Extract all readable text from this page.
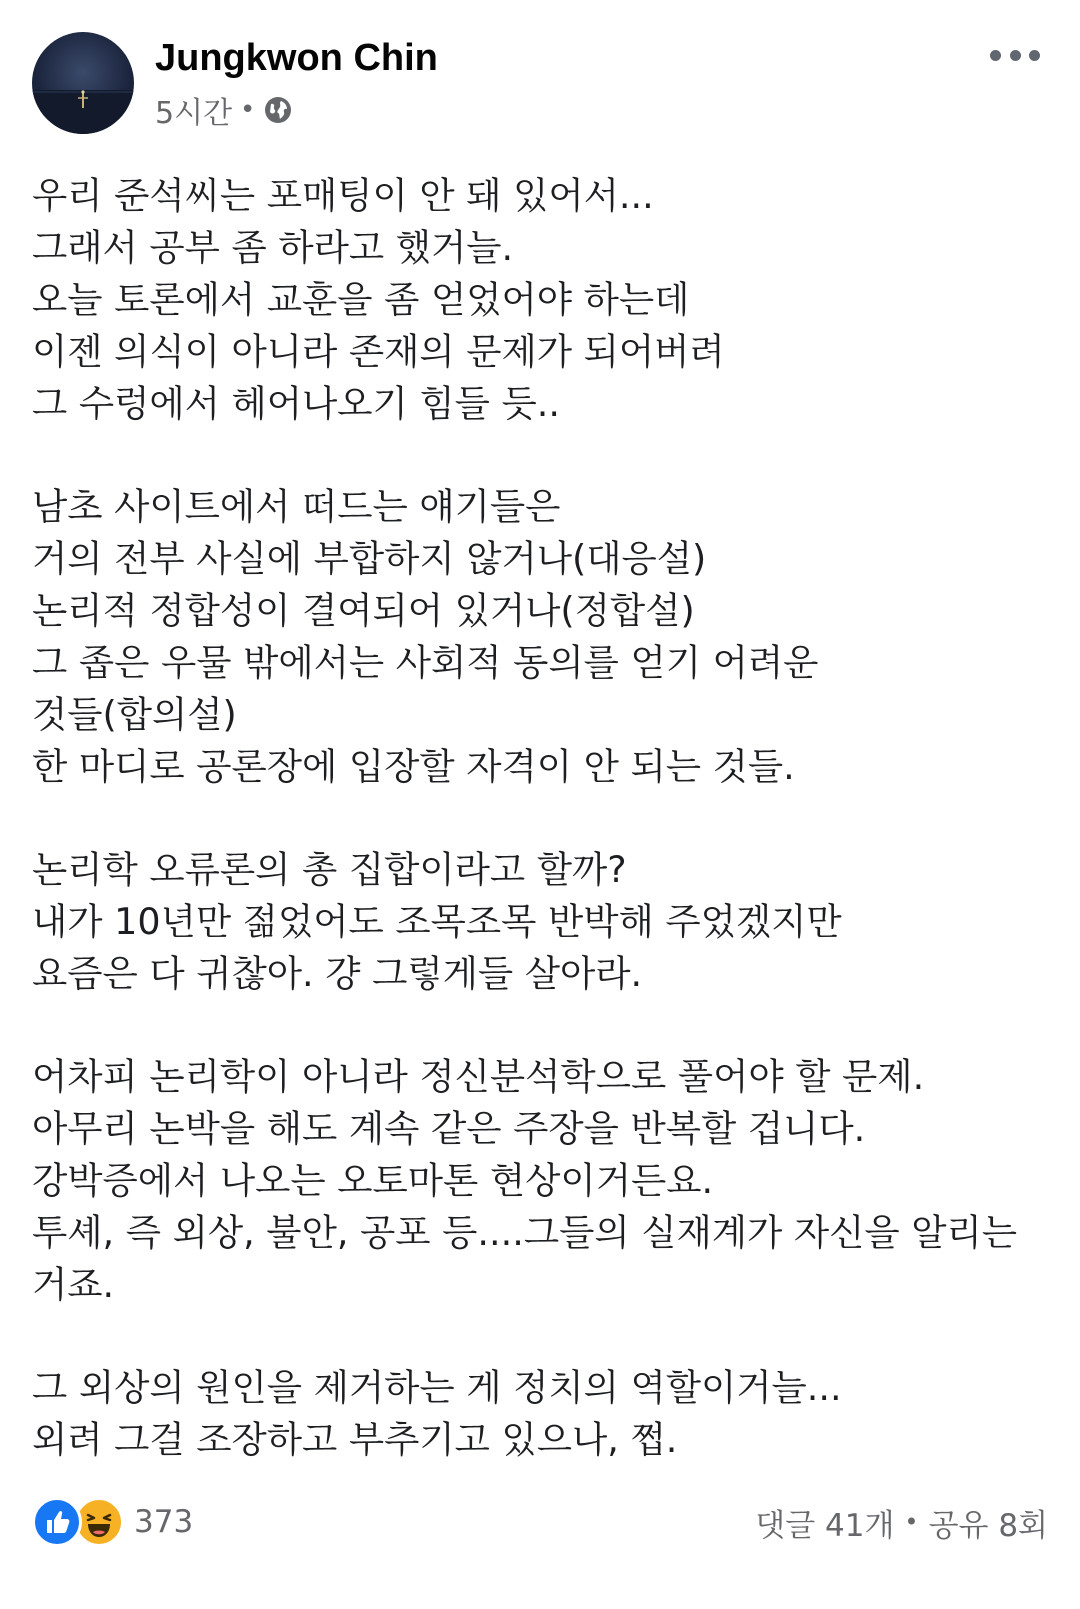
Jungkwon Chin
5시간 •
우리 준석씨는 포매팅이 안 돼 있어서...
그래서 공부 좀 하라고 했거늘.
오늘 토론에서 교훈을 좀 얻었어야 하는데
이젠 의식이 아니라 존재의 문제가 되어버려
그 수렁에서 헤어나오기 힘들 듯..
남초 사이트에서 떠드는 얘기들은
거의 전부 사실에 부합하지 않거나(대응설)
논리적 정합성이 결여되어 있거나(정합설)
그 좁은 우물 밖에서는 사회적 동의를 얻기 어려운
것들(합의설)
한 마디로 공론장에 입장할 자격이 안 되는 것들.
논리학 오류론의 총 집합이라고 할까?
내가 10년만 젊었어도 조목조목 반박해 주었겠지만
요즘은 다 귀찮아. 걍 그렇게들 살아라.
어차피 논리학이 아니라 정신분석학으로 풀어야 할 문제.
아무리 논박을 해도 계속 같은 주장을 반복할 겁니다.
강박증에서 나오는 오토마톤 현상이거든요.
투셰, 즉 외상, 불안, 공포 등....그들의 실재계가 자신을 알리는
거죠.
그 외상의 원인을 제거하는 게 정치의 역할이거늘...
외려 그걸 조장하고 부추기고 있으나, 쩝.
373	댓글 41개 • 공유 8회
